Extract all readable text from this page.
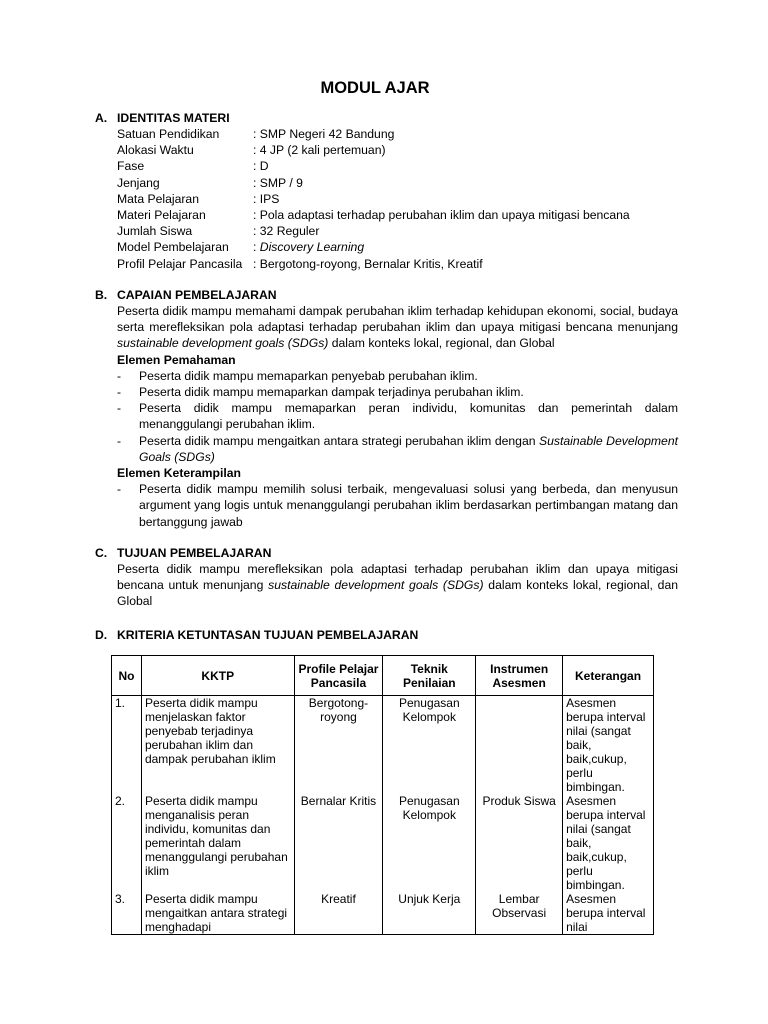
MODUL AJAR
A. IDENTITAS MATERI
Satuan Pendidikan	: SMP Negeri 42 Bandung
Alokasi Waktu	: 4 JP (2 kali pertemuan)
Fase	: D
Jenjang	: SMP / 9
Mata Pelajaran	: IPS
Materi Pelajaran	: Pola adaptasi terhadap perubahan iklim dan upaya mitigasi bencana
Jumlah Siswa	: 32 Reguler
Model Pembelajaran	: Discovery Learning
Profil Pelajar Pancasila : Bergotong-royong, Bernalar Kritis, Kreatif
B. CAPAIAN PEMBELAJARAN
Peserta didik mampu memahami dampak perubahan iklim terhadap kehidupan ekonomi, social, budaya serta merefleksikan pola adaptasi terhadap perubahan iklim dan upaya mitigasi bencana menunjang sustainable development goals (SDGs) dalam konteks lokal, regional, dan Global
Elemen Pemahaman
- Peserta didik mampu memaparkan penyebab perubahan iklim.
- Peserta didik mampu memaparkan dampak terjadinya perubahan iklim.
- Peserta didik mampu memaparkan peran individu, komunitas dan pemerintah dalam menanggulangi perubahan iklim.
- Peserta didik mampu mengaitkan antara strategi perubahan iklim dengan Sustainable Development Goals (SDGs)
Elemen Keterampilan
- Peserta didik mampu memilih solusi terbaik, mengevaluasi solusi yang berbeda, dan menyusun argument yang logis untuk menanggulangi perubahan iklim berdasarkan pertimbangan matang dan bertanggung jawab
C. TUJUAN PEMBELAJARAN
Peserta didik mampu merefleksikan pola adaptasi terhadap perubahan iklim dan upaya mitigasi bencana untuk menunjang sustainable development goals (SDGs) dalam konteks lokal, regional, dan Global
D. KRITERIA KETUNTASAN TUJUAN PEMBELAJARAN
No	KKTP	Profile Pelajar Pancasila	Teknik Penilaian	Instrumen Asesmen	Keterangan
1.	Peserta didik mampu menjelaskan faktor penyebab terjadinya perubahan iklim dan dampak perubahan iklim	Bergotong-royong	Penugasan Kelompok		Asesmen berupa interval nilai (sangat baik, baik,cukup, perlu bimbingan.
2.	Peserta didik mampu menganalisis peran individu, komunitas dan pemerintah dalam menanggulangi perubahan iklim	Bernalar Kritis	Penugasan Kelompok	Produk Siswa	Asesmen berupa interval nilai (sangat baik, baik,cukup, perlu bimbingan.
3.	Peserta didik mampu mengaitkan antara strategi menghadapi	Kreatif	Unjuk Kerja	Lembar Observasi	Asesmen berupa interval nilai
